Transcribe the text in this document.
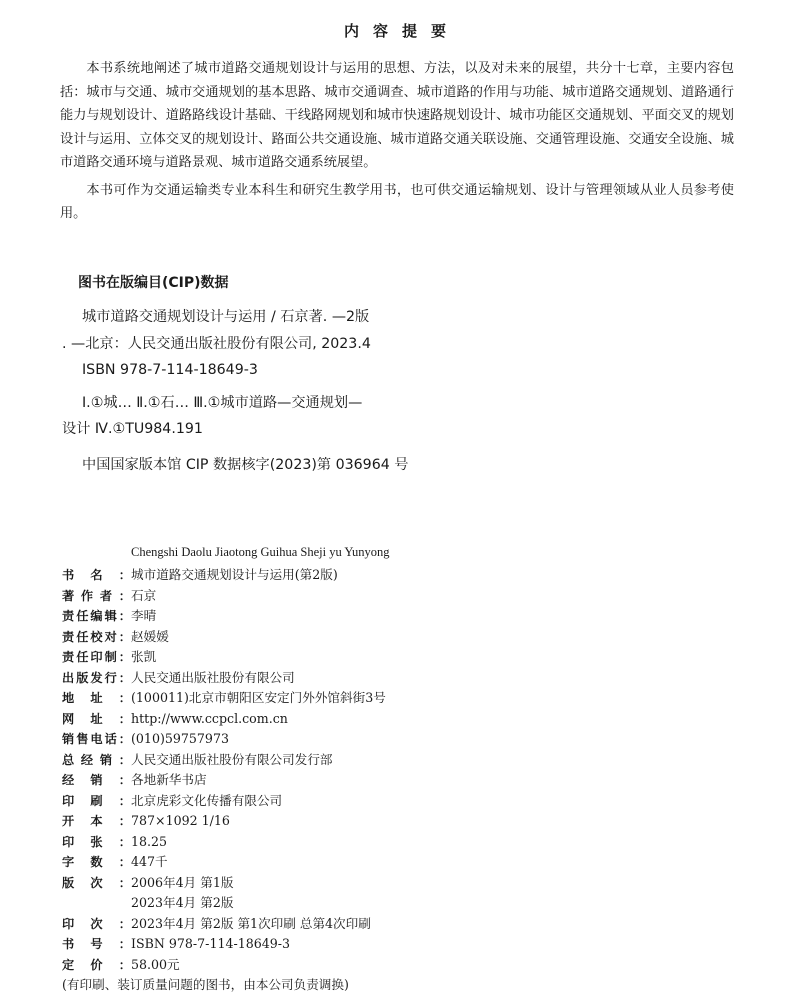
内容提要

本书系统地阐述了城市道路交通规划设计与运用的思想、方法，以及对未来的展望，共分十七章，主要内容包括：城市与交通、城市交通规划的基本思路、城市交通调查、城市道路的作用与功能、城市道路交通规划、道路通行能力与规划设计、道路路线设计基础、干线路网规划和城市快速路规划设计、城市功能区交通规划、平面交叉的规划设计与运用、立体交叉的规划设计、路面公共交通设施、城市道路交通关联设施、交通管理设施、交通安全设施、城市道路交通环境与道路景观、城市道路交通系统展望。

本书可作为交通运输类专业本科生和研究生教学用书，也可供交通运输规划、设计与管理领域从业人员参考使用。

图书在版编目(CIP)数据
城市道路交通规划设计与运用 / 石京著. —2版
. —北京：人民交通出版社股份有限公司, 2023.4
ISBN 978-7-114-18649-3
Ⅰ.①城… Ⅱ.①石… Ⅲ.①城市道路—交通规划—
设计 Ⅳ.①TU984.191
中国国家版本馆 CIP 数据核字(2023)第 036964 号
Chengshi Daolu Jiaotong Guihua Sheji yu Yunyong
书名： 城市道路交通规划设计与运用(第2版)
著作者： 石京
责任编辑： 李晴
责任校对： 赵媛媛
责任印制： 张凯
出版发行： 人民交通出版社股份有限公司
地址： (100011)北京市朝阳区安定门外外馆斜街3号
网址： http://www.ccpcl.com.cn
销售电话： (010)59757973
总经销： 人民交通出版社股份有限公司发行部
经销： 各地新华书店
印刷： 北京虎彩文化传播有限公司
开本： 787×1092 1/16
印张： 18.25
字数： 447千
版次： 2006年4月 第1版
2023年4月 第2版
印次： 2023年4月 第2版 第1次印刷 总第4次印刷
书号： ISBN 978-7-114-18649-3
定价： 58.00元
(有印刷、装订质量问题的图书，由本公司负责调换)
